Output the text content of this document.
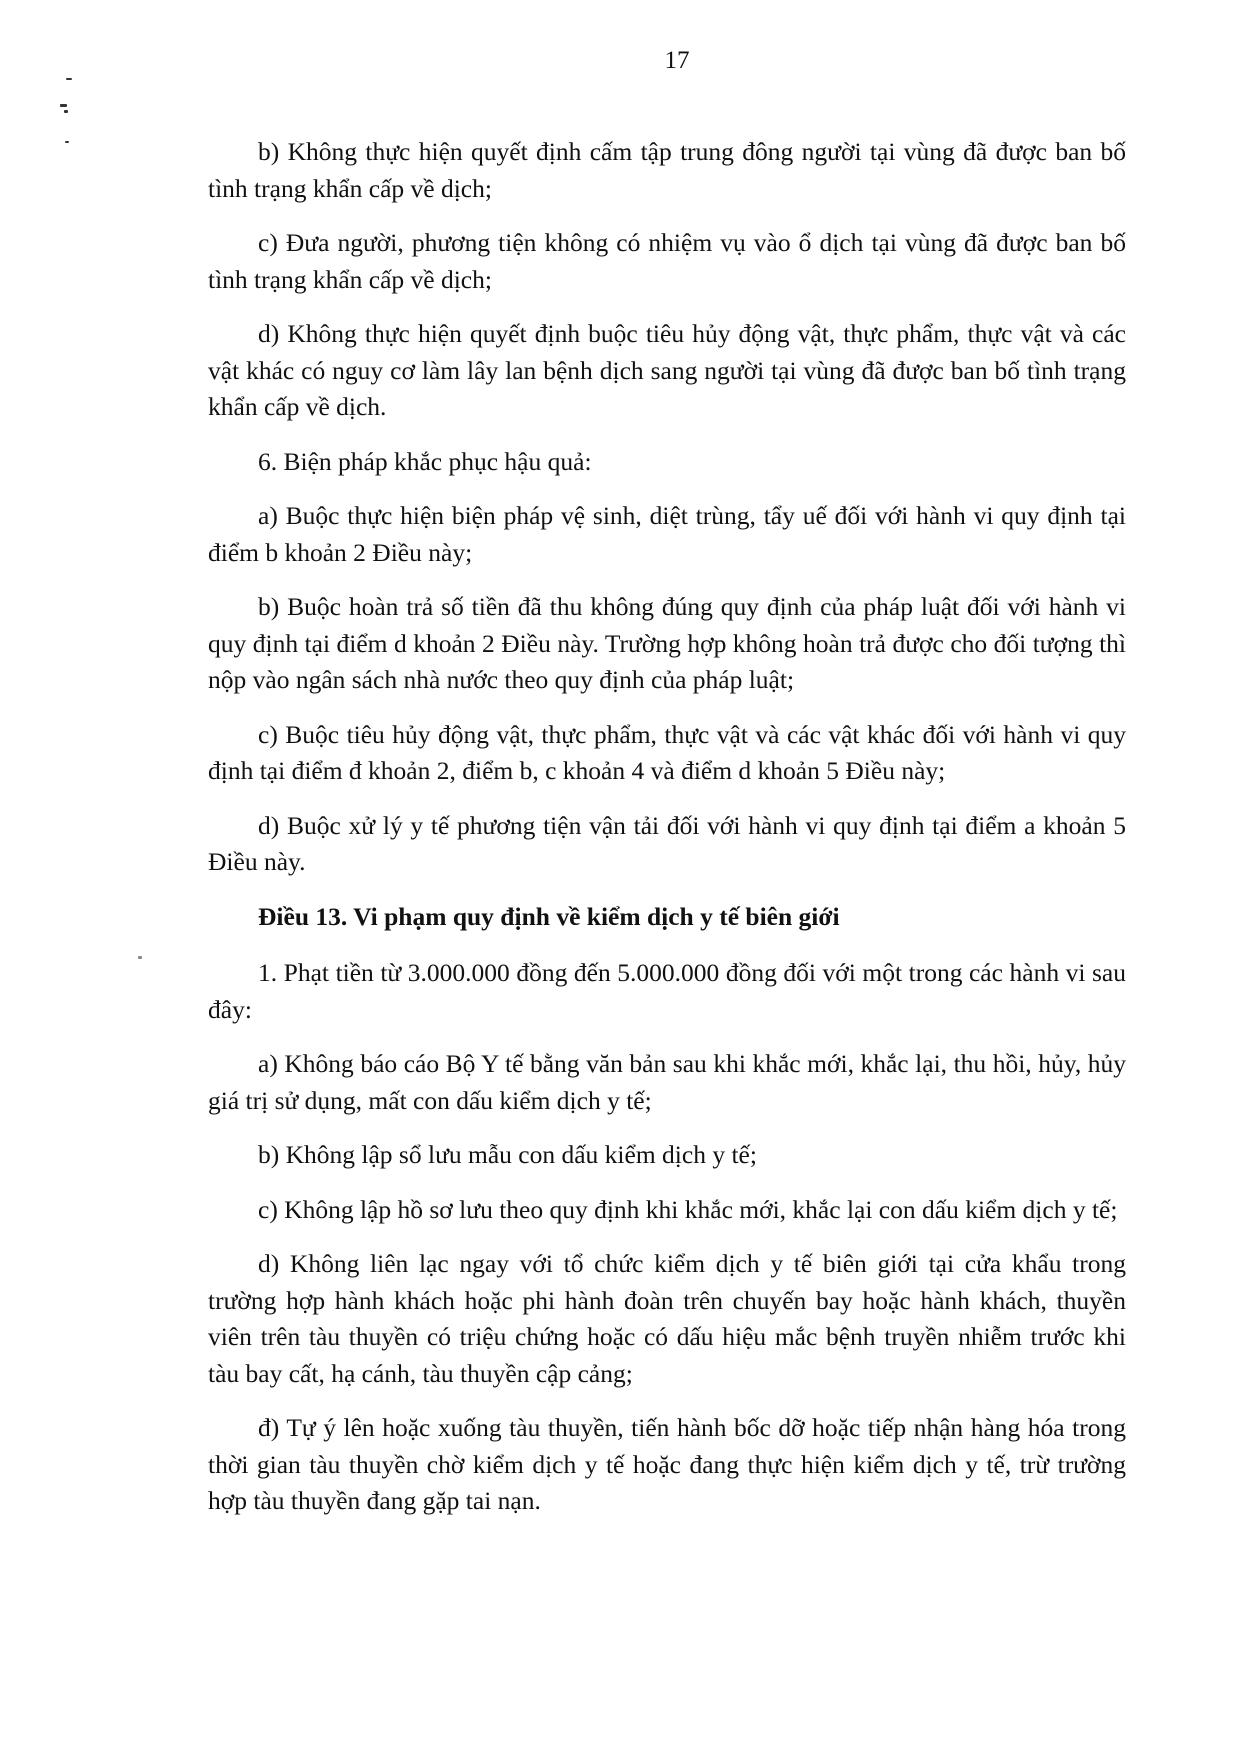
17

b) Không thực hiện quyết định cấm tập trung đông người tại vùng đã được ban bố tình trạng khẩn cấp về dịch;

c) Đưa người, phương tiện không có nhiệm vụ vào ổ dịch tại vùng đã được ban bố tình trạng khẩn cấp về dịch;

d) Không thực hiện quyết định buộc tiêu hủy động vật, thực phẩm, thực vật và các vật khác có nguy cơ làm lây lan bệnh dịch sang người tại vùng đã được ban bố tình trạng khẩn cấp về dịch.

6. Biện pháp khắc phục hậu quả:

a) Buộc thực hiện biện pháp vệ sinh, diệt trùng, tẩy uế đối với hành vi quy định tại điểm b khoản 2 Điều này;

b) Buộc hoàn trả số tiền đã thu không đúng quy định của pháp luật đối với hành vi quy định tại điểm d khoản 2 Điều này. Trường hợp không hoàn trả được cho đối tượng thì nộp vào ngân sách nhà nước theo quy định của pháp luật;

c) Buộc tiêu hủy động vật, thực phẩm, thực vật và các vật khác đối với hành vi quy định tại điểm đ khoản 2, điểm b, c khoản 4 và điểm d khoản 5 Điều này;

d) Buộc xử lý y tế phương tiện vận tải đối với hành vi quy định tại điểm a khoản 5 Điều này.

Điều 13. Vi phạm quy định về kiểm dịch y tế biên giới

1. Phạt tiền từ 3.000.000 đồng đến 5.000.000 đồng đối với một trong các hành vi sau đây:

a) Không báo cáo Bộ Y tế bằng văn bản sau khi khắc mới, khắc lại, thu hồi, hủy, hủy giá trị sử dụng, mất con dấu kiểm dịch y tế;

b) Không lập sổ lưu mẫu con dấu kiểm dịch y tế;

c) Không lập hồ sơ lưu theo quy định khi khắc mới, khắc lại con dấu kiểm dịch y tế;

d) Không liên lạc ngay với tổ chức kiểm dịch y tế biên giới tại cửa khẩu trong trường hợp hành khách hoặc phi hành đoàn trên chuyến bay hoặc hành khách, thuyền viên trên tàu thuyền có triệu chứng hoặc có dấu hiệu mắc bệnh truyền nhiễm trước khi tàu bay cất, hạ cánh, tàu thuyền cập cảng;

đ) Tự ý lên hoặc xuống tàu thuyền, tiến hành bốc dỡ hoặc tiếp nhận hàng hóa trong thời gian tàu thuyền chờ kiểm dịch y tế hoặc đang thực hiện kiểm dịch y tế, trừ trường hợp tàu thuyền đang gặp tai nạn.
